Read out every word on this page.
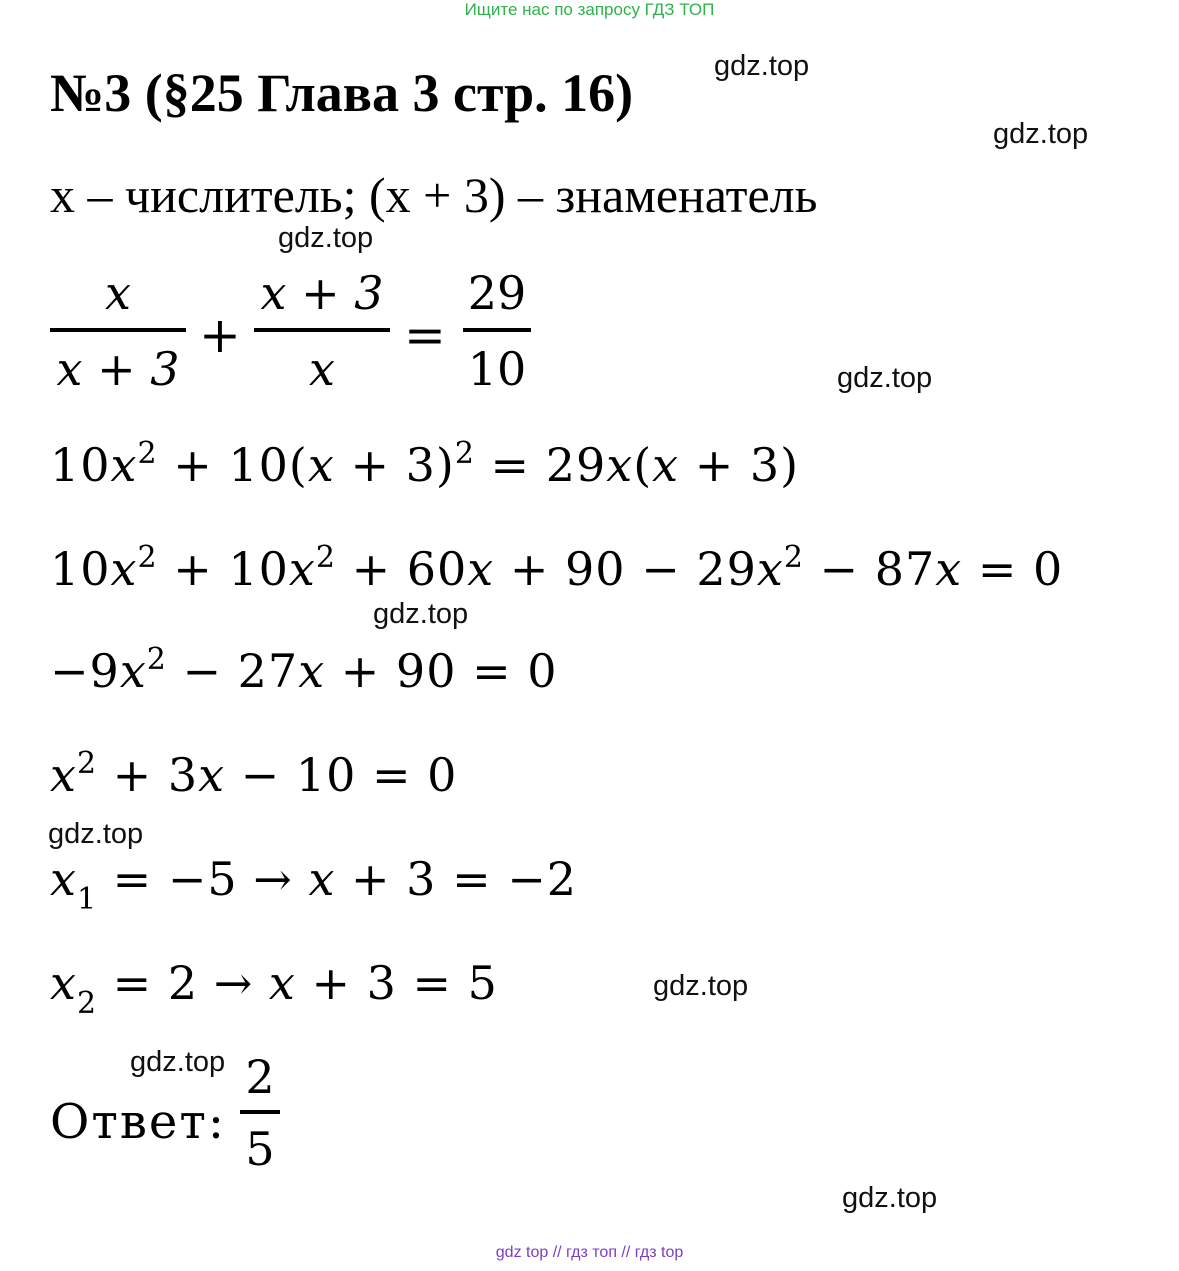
Ищите нас по запросу ГДЗ ТОП
№3 (§25 Глава 3 стр. 16)	gdz.top
gdz.top
gdz.top
gdz.top
gdz.top
gdz.top
gdz.top
gdz.top
gdz.top
x – числитель; (x + 3) – знаменатель
x
x + 3
+
x + 3
x
=
29
10
$10x^2 + 10(x + 3)^2 = 29x(x + 3)$
$10x^2 + 10x^2 + 60x + 90 - 29x^2 - 87x = 0$
$-9x^2 - 27x + 90 = 0$
$x^2 + 3x - 10 = 0$
$x_1 = -5 \to x + 3 = -2$
$x_2 = 2 \to x + 3 = 5$
Ответ:
2
5
gdz top // гдз топ // гдз top
